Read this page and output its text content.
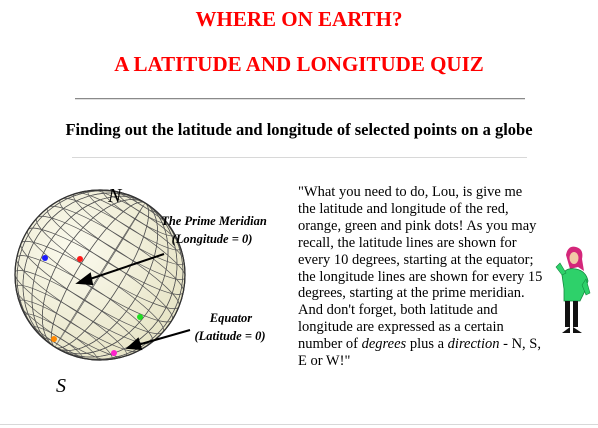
WHERE ON EARTH?
A LATITUDE AND LONGITUDE QUIZ
Finding out the latitude and longitude of selected points on a globe
N
S
The Prime Meridian
(Longitude = 0)
Equator
(Latitude = 0)

"What you need to do, Lou, is give me the latitude and longitude of the red, orange, green and pink dots! As you may recall, the latitude lines are shown for every 10 degrees, starting at the equator; the longitude lines are shown for every 15 degrees, starting at the prime meridian. And don't forget, both latitude and longitude are expressed as a certain number of degrees plus a direction - N, S, E or W!"
